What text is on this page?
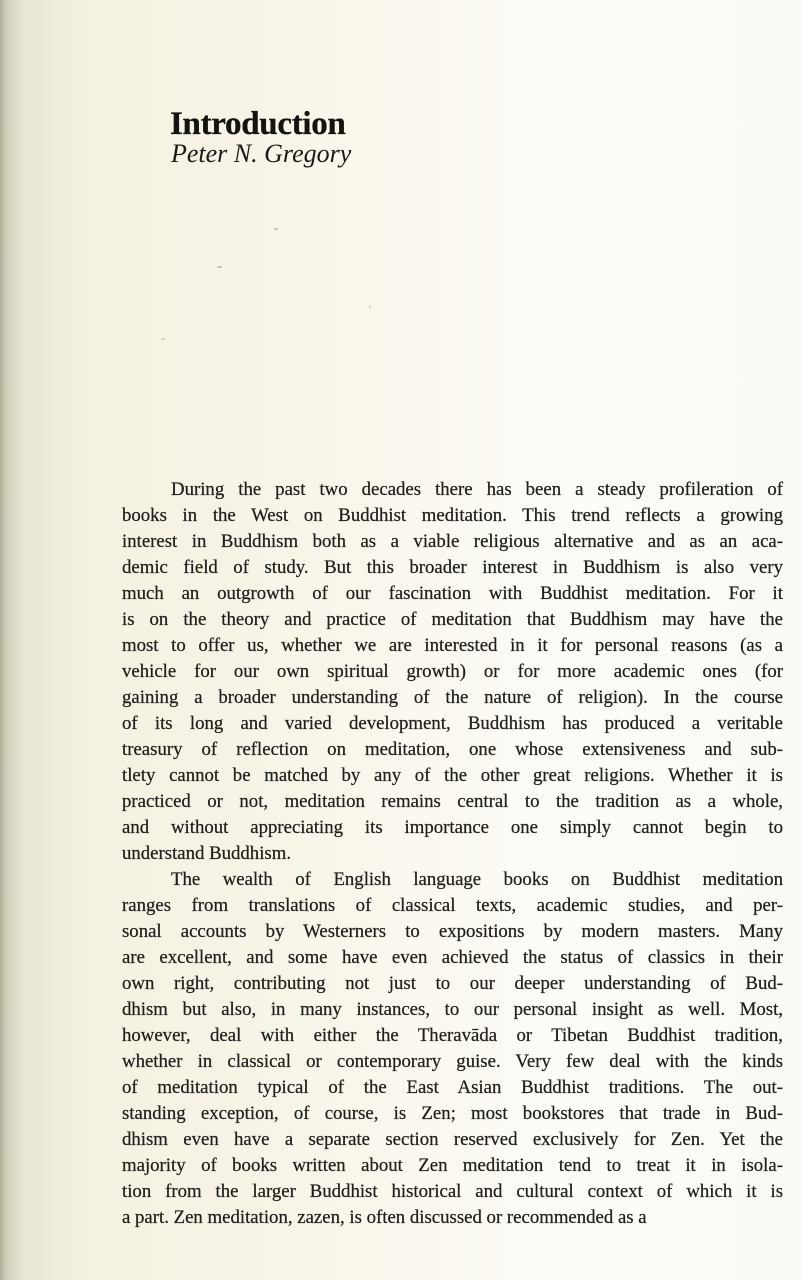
Introduction
Peter N. Gregory
During the past two decades there has been a steady profileration of
books in the West on Buddhist meditation. This trend reflects a growing
interest in Buddhism both as a viable religious alternative and as an aca-
demic field of study. But this broader interest in Buddhism is also very
much an outgrowth of our fascination with Buddhist meditation. For it
is on the theory and practice of meditation that Buddhism may have the
most to offer us, whether we are interested in it for personal reasons (as a
vehicle for our own spiritual growth) or for more academic ones (for
gaining a broader understanding of the nature of religion). In the course
of its long and varied development, Buddhism has produced a veritable
treasury of reflection on meditation, one whose extensiveness and sub-
tlety cannot be matched by any of the other great religions. Whether it is
practiced or not, meditation remains central to the tradition as a whole,
and without appreciating its importance one simply cannot begin to
understand Buddhism.
The wealth of English language books on Buddhist meditation
ranges from translations of classical texts, academic studies, and per-
sonal accounts by Westerners to expositions by modern masters. Many
are excellent, and some have even achieved the status of classics in their
own right, contributing not just to our deeper understanding of Bud-
dhism but also, in many instances, to our personal insight as well. Most,
however, deal with either the Theravāda or Tibetan Buddhist tradition,
whether in classical or contemporary guise. Very few deal with the kinds
of meditation typical of the East Asian Buddhist traditions. The out-
standing exception, of course, is Zen; most bookstores that trade in Bud-
dhism even have a separate section reserved exclusively for Zen. Yet the
majority of books written about Zen meditation tend to treat it in isola-
tion from the larger Buddhist historical and cultural context of which it is
a part. Zen meditation, zazen, is often discussed or recommended as a
